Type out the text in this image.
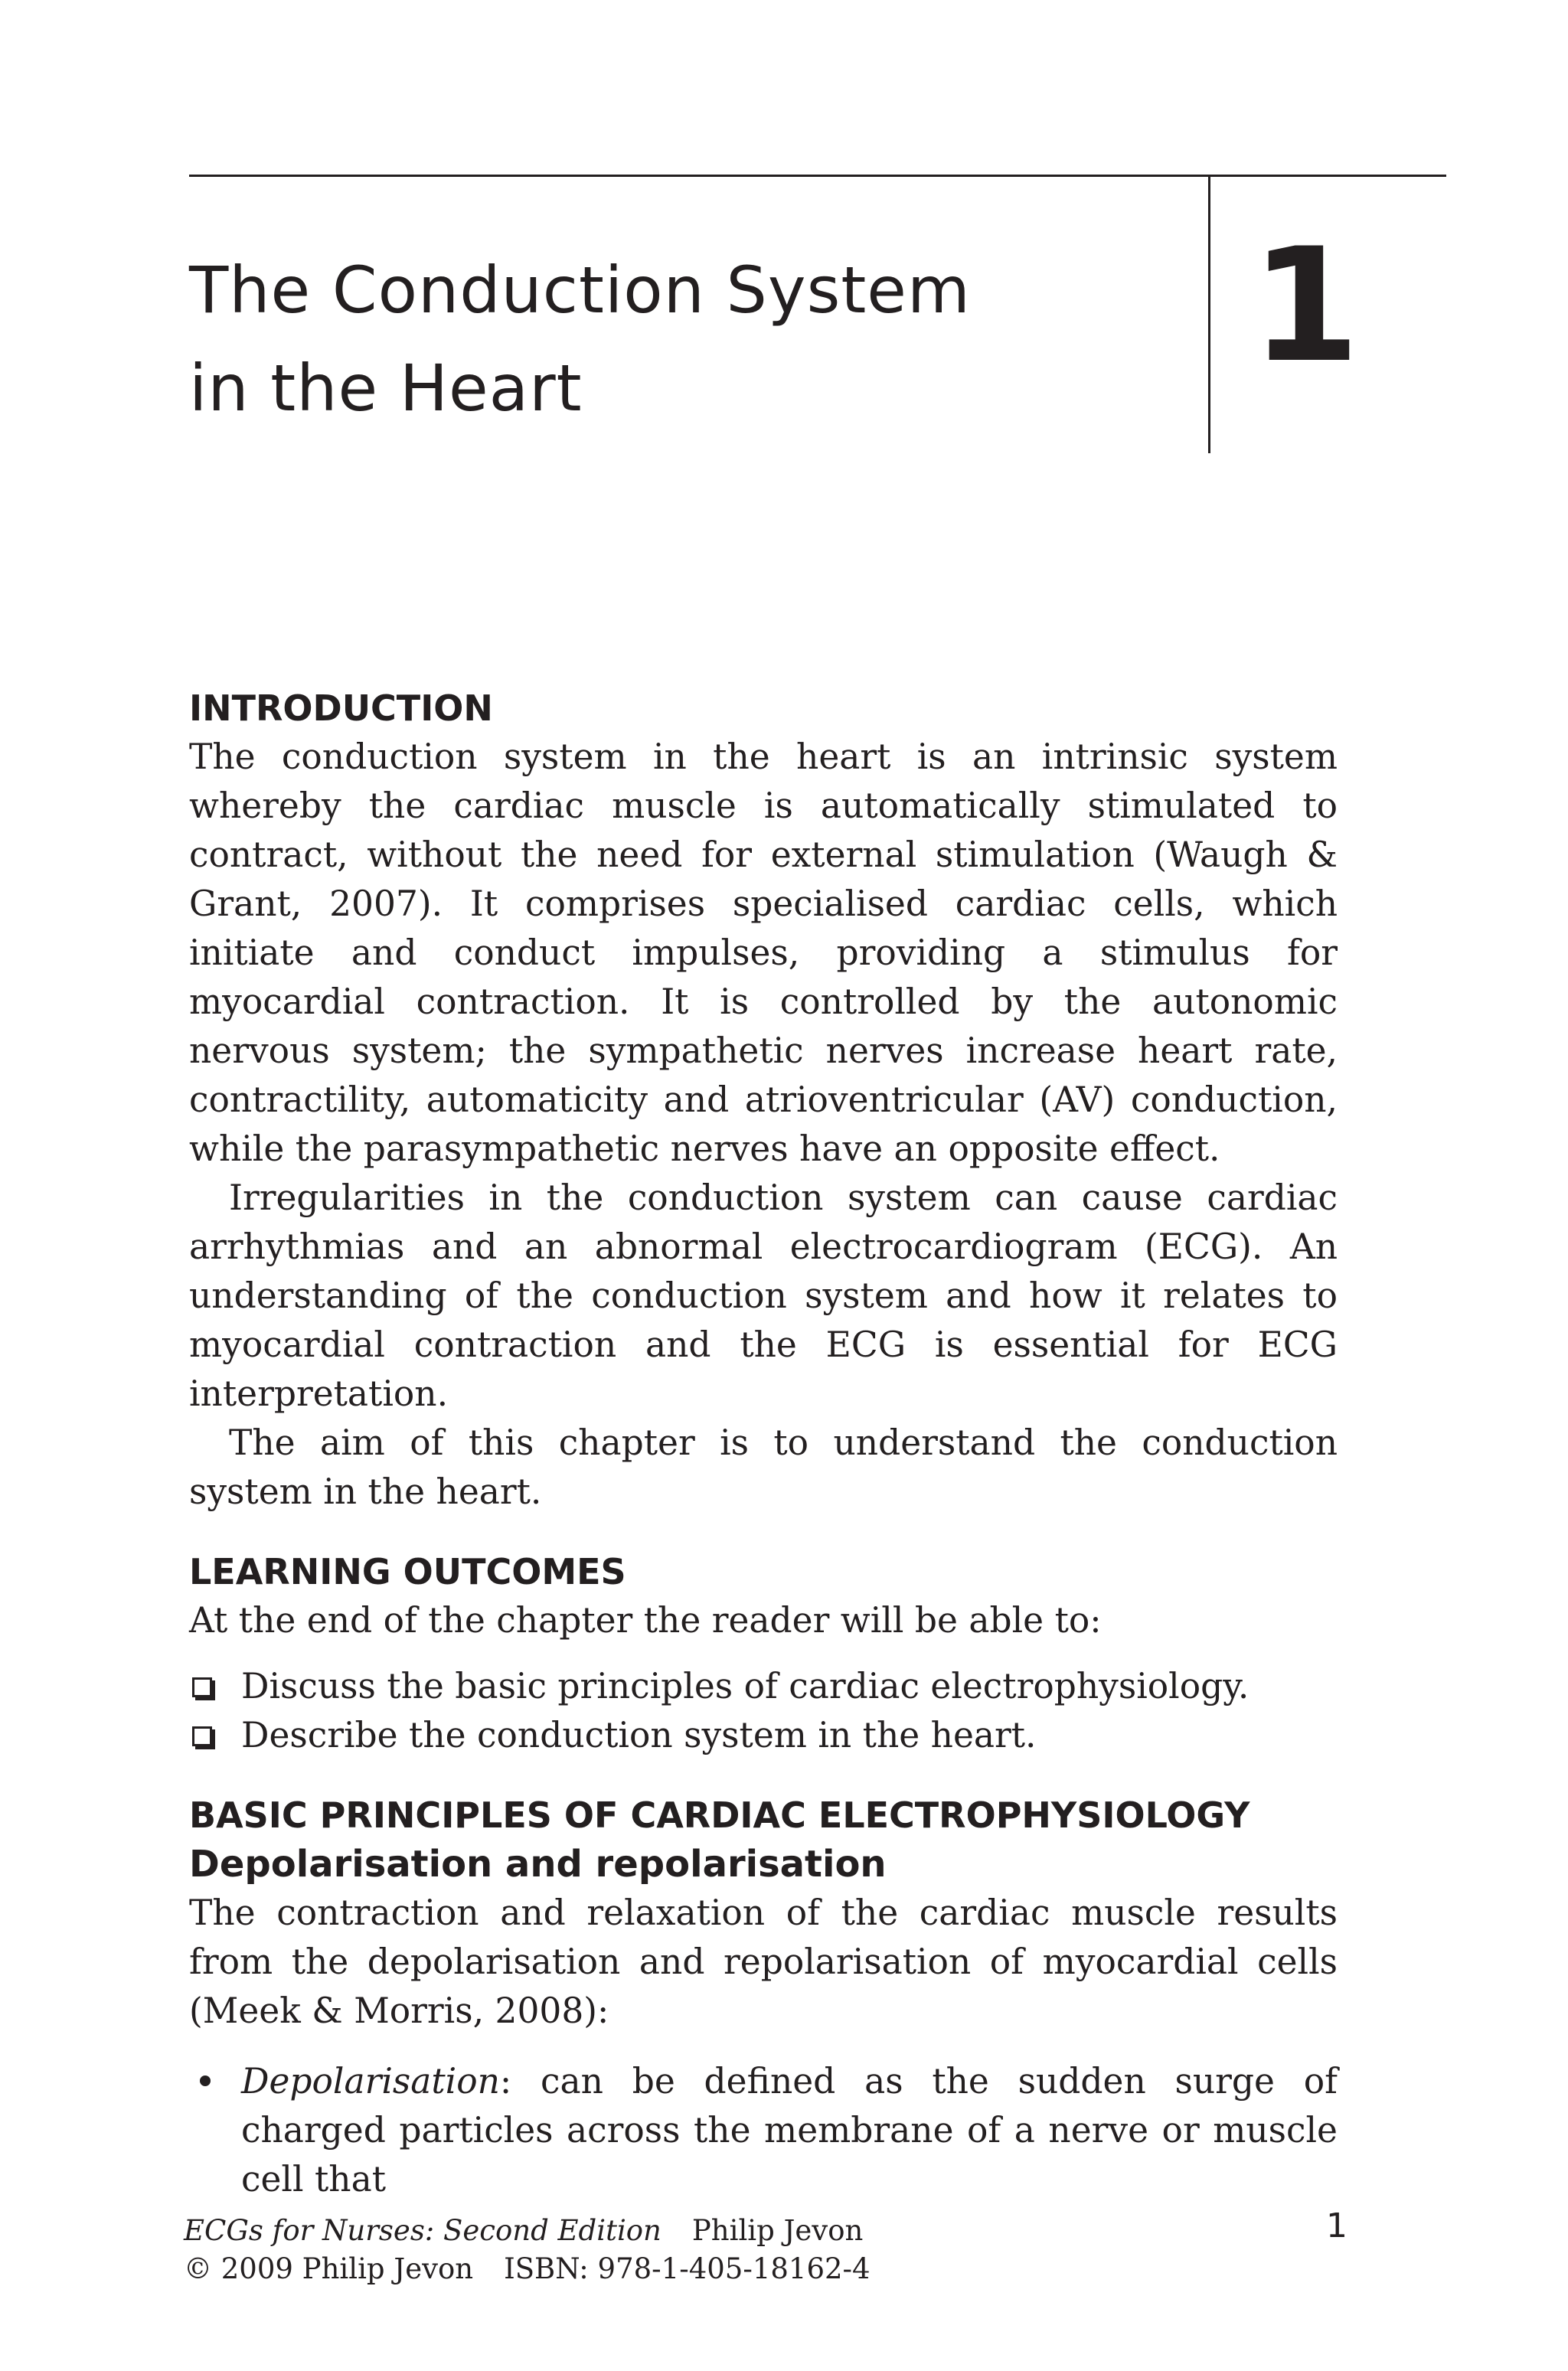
The Conduction System
in the Heart	1
INTRODUCTION

The conduction system in the heart is an intrinsic system whereby the cardiac muscle is automatically stimulated to contract, without the need for external stimulation (Waugh & Grant, 2007). It comprises specialised cardiac cells, which initiate and conduct impulses, providing a stimulus for myocardial contraction. It is controlled by the autonomic nervous system; the sympathetic nerves increase heart rate, contractility, automaticity and atrioventricular (AV) conduction, while the parasympathetic nerves have an opposite effect.

Irregularities in the conduction system can cause cardiac arrhythmias and an abnormal electrocardiogram (ECG). An understanding of the conduction system and how it relates to myocardial contraction and the ECG is essential for ECG interpretation.

The aim of this chapter is to understand the conduction system in the heart.

LEARNING OUTCOMES

At the end of the chapter the reader will be able to:

Discuss the basic principles of cardiac electrophysiology.
Describe the conduction system in the heart.
BASIC PRINCIPLES OF CARDIAC ELECTROPHYSIOLOGY
Depolarisation and repolarisation

The contraction and relaxation of the cardiac muscle results from the depolarisation and repolarisation of myocardial cells (Meek & Morris, 2008):

Depolarisation: can be defined as the sudden surge of charged particles across the membrane of a nerve or muscle cell that
ECGs for Nurses: Second Edition Philip Jevon
© 2009 Philip Jevon ISBN: 978-1-405-18162-4
1
